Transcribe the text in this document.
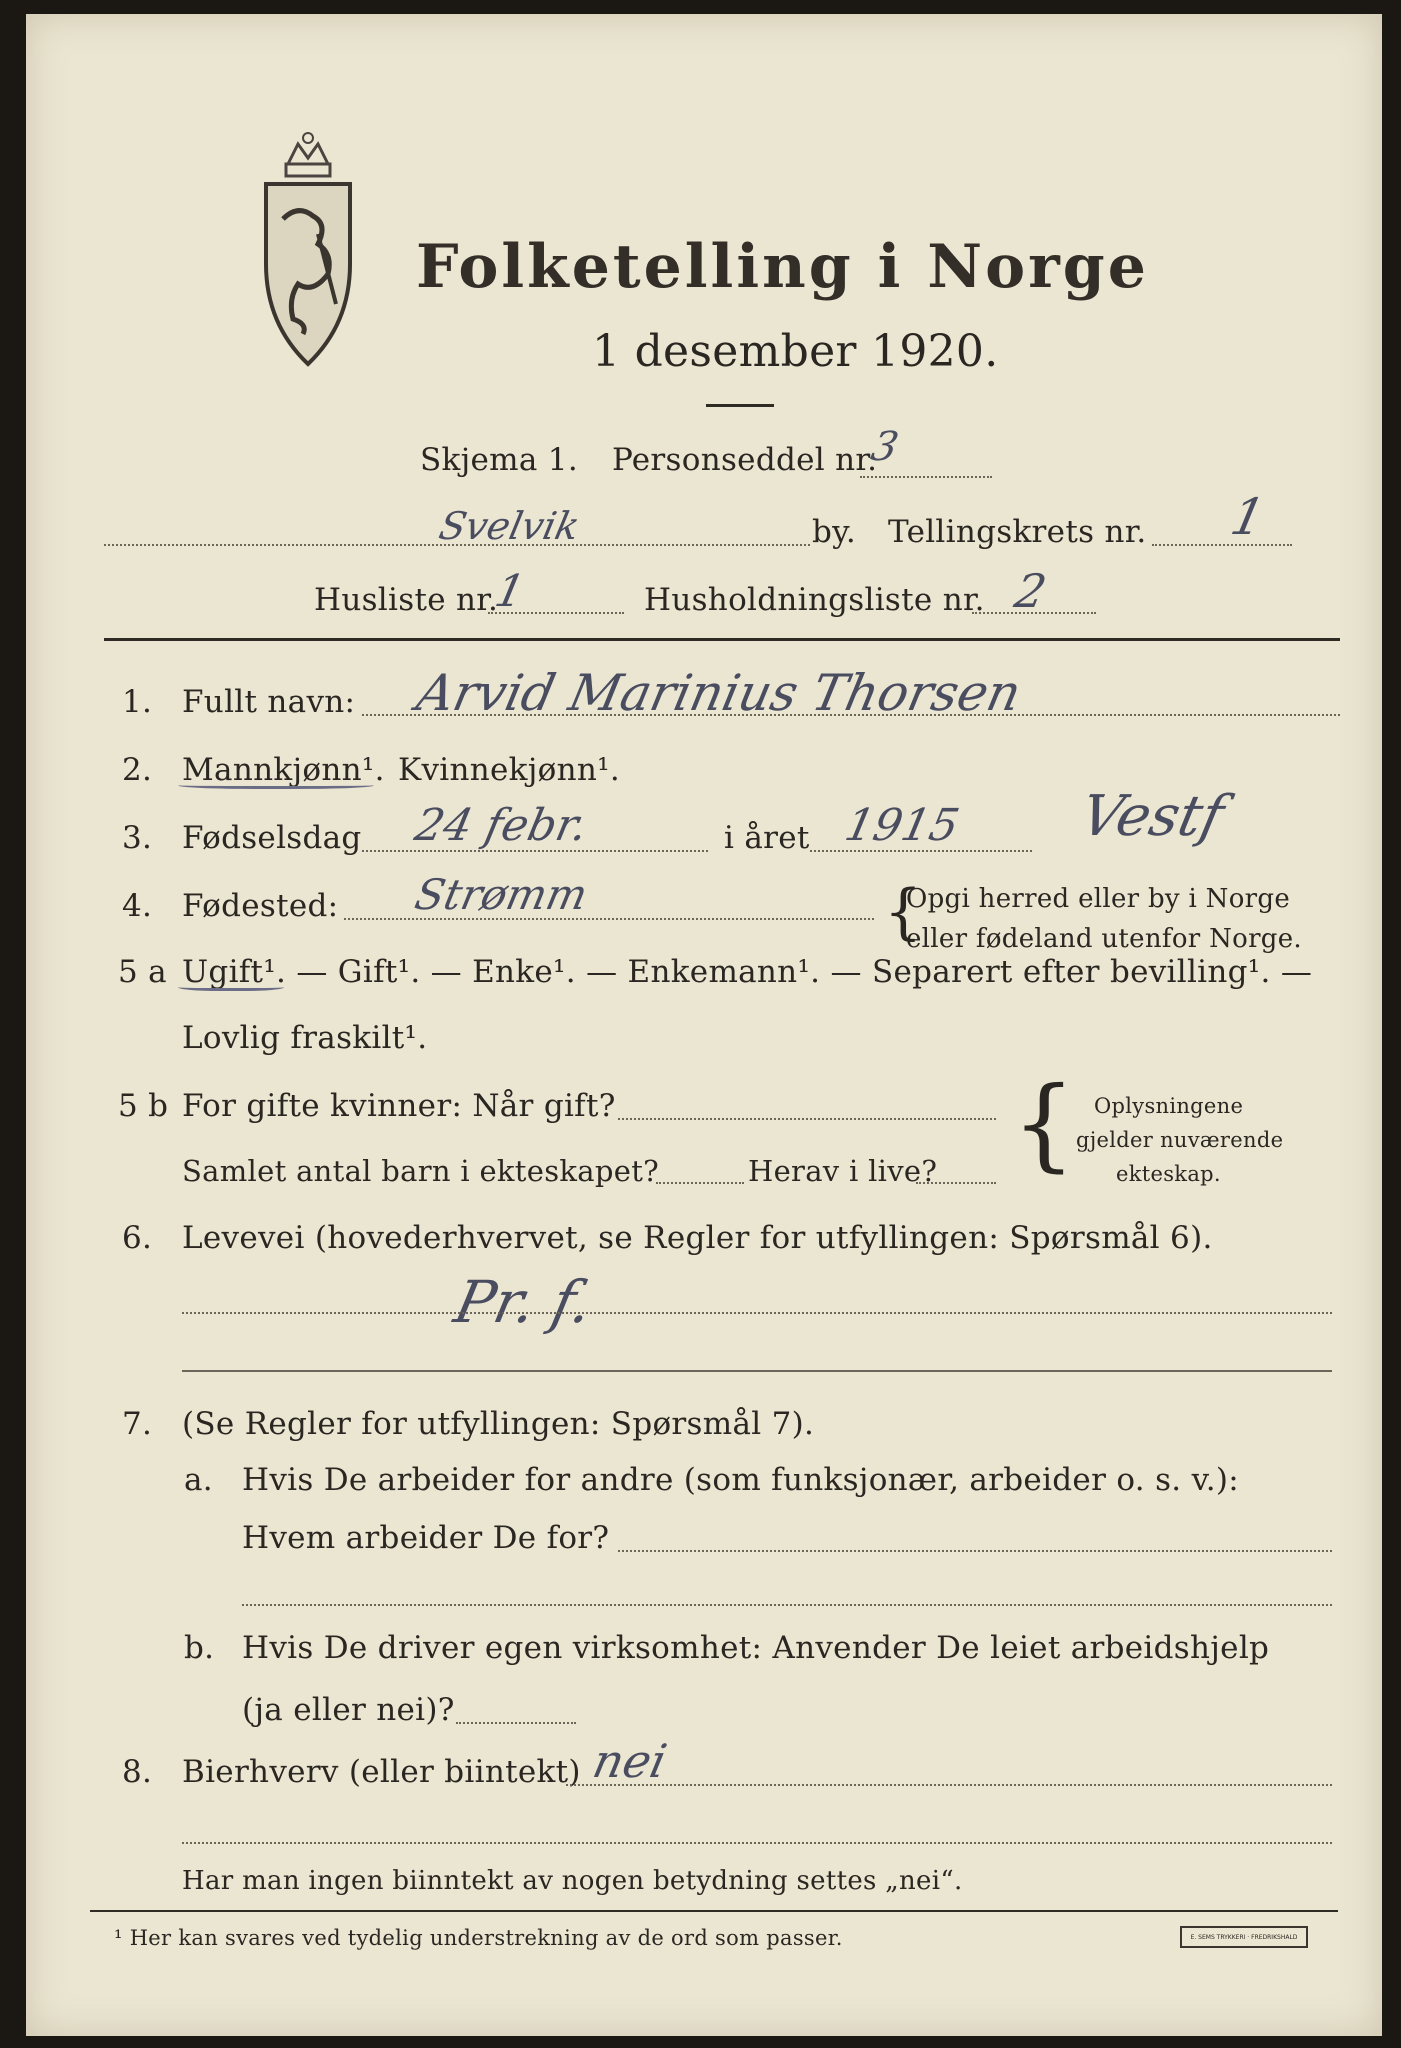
Folketelling i Norge
1 desember 1920.
Skjema 1. Personseddel nr.
3
Svelvik	by. Tellingskrets nr. 1
Husliste nr.
1	Husholdningsliste nr. 2
1. Fullt navn: Arvid Marinius Thorsen
2. Mannkjønn¹. Kvinnekjønn¹.
3. Fødselsdag 24 febr.	i året 1915 Vestf
4. Fødested: Strømm	Opgi herred eller by i Norge
eller fødeland utenfor Norge.
{
5 a Ugift¹. — Gift¹. — Enke¹. — Enkemann¹. — Separert efter bevilling¹. —
Lovlig fraskilt¹.
5 b For gifte kvinner: Når gift?
Samlet antal barn i ekteskapet?	Herav i live? { Oplysningene
gjelder nuværende
ekteskap.
6. Levevei (hovederhvervet, se Regler for utfyllingen: Spørsmål 6).
Pr. f.
7. (Se Regler for utfyllingen: Spørsmål 7).
a. Hvis De arbeider for andre (som funksjonær, arbeider o. s. v.):
Hvem arbeider De for?
b. Hvis De driver egen virksomhet: Anvender De leiet arbeidshjelp
(ja eller nei)?
8. Bierhverv (eller biintekt) nei
Har man ingen biinntekt av nogen betydning settes „nei“.
¹ Her kan svares ved tydelig understrekning av de ord som passer.	E. SEMS TRYKKERI · FREDRIKSHALD
